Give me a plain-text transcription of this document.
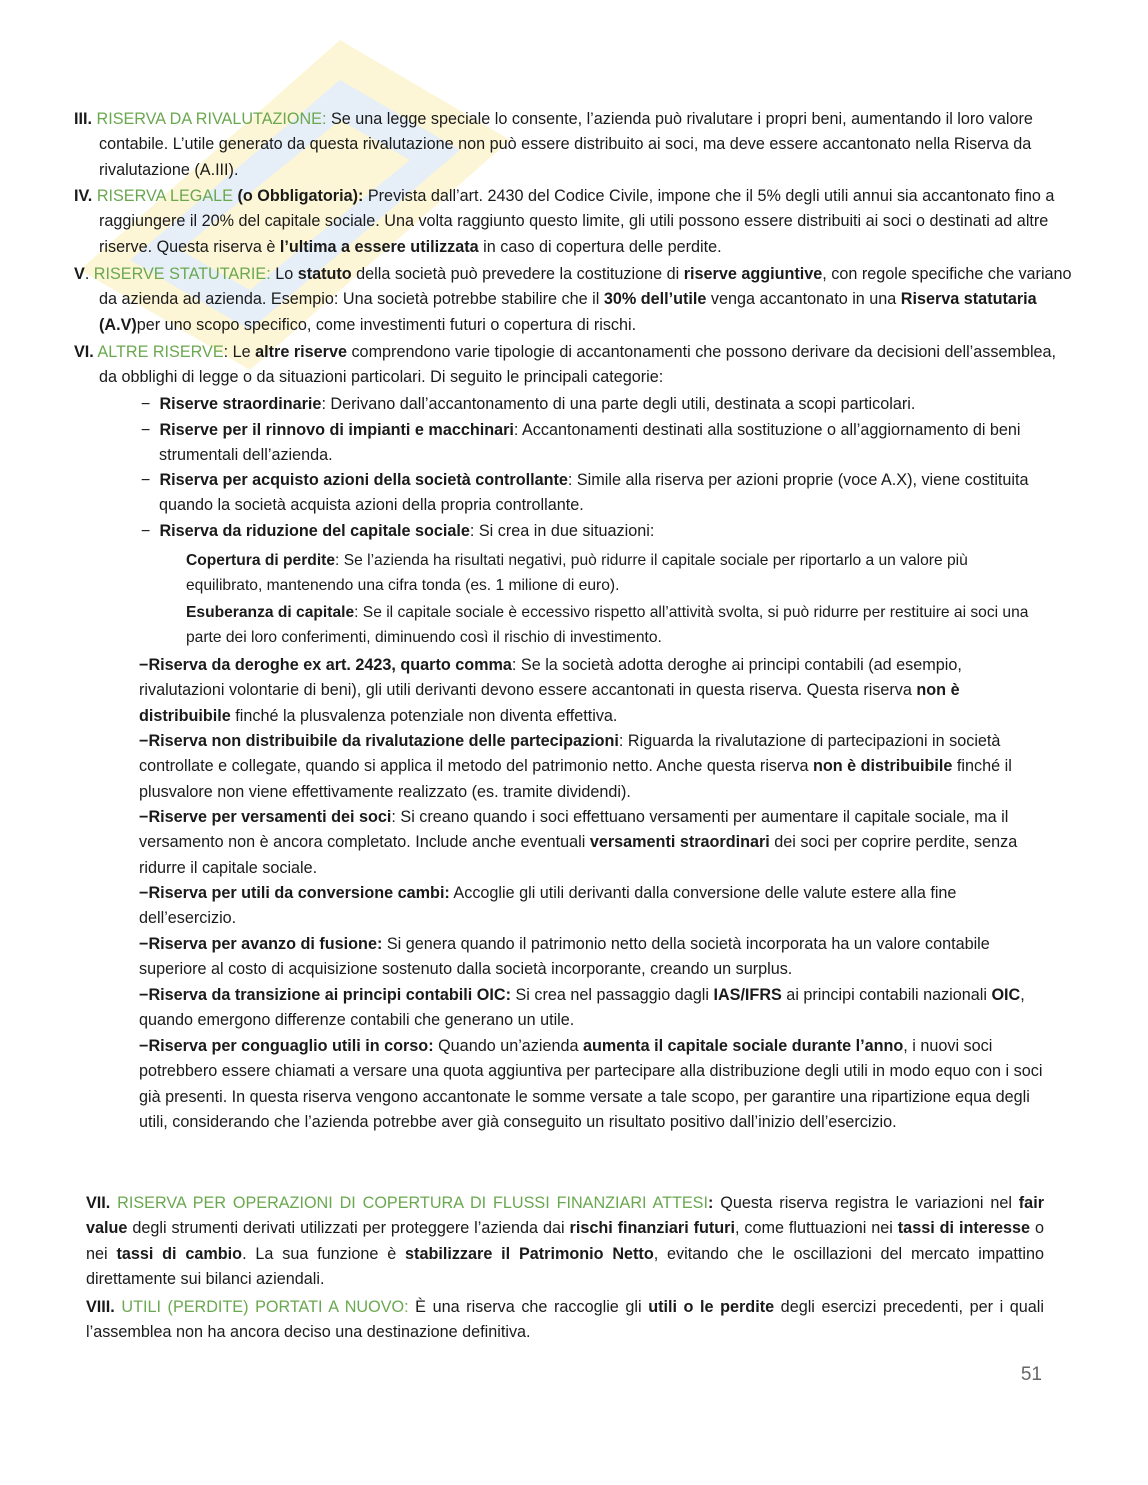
III. RISERVA DA RIVALUTAZIONE: Se una legge speciale lo consente, l’azienda può rivalutare i propri beni, aumentando il loro valore contabile. L’utile generato da questa rivalutazione non può essere distribuito ai soci, ma deve essere accantonato nella Riserva da rivalutazione (A.III).

IV. RISERVA LEGALE (o Obbligatoria): Prevista dall’art. 2430 del Codice Civile, impone che il 5% degli utili annui sia accantonato fino a raggiungere il 20% del capitale sociale. Una volta raggiunto questo limite, gli utili possono essere distribuiti ai soci o destinati ad altre riserve. Questa riserva è l’ultima a essere utilizzata in caso di copertura delle perdite.

V. RISERVE STATUTARIE: Lo statuto della società può prevedere la costituzione di riserve aggiuntive, con regole specifiche che variano da azienda ad azienda. Esempio: Una società potrebbe stabilire che il 30% dell’utile venga accantonato in una Riserva statutaria (A.V)per uno scopo specifico, come investimenti futuri o copertura di rischi.

VI. ALTRE RISERVE: Le altre riserve comprendono varie tipologie di accantonamenti che possono derivare da decisioni dell’assemblea, da obblighi di legge o da situazioni particolari. Di seguito le principali categorie:

− Riserve straordinarie: Derivano dall’accantonamento di una parte degli utili, destinata a scopi particolari.

− Riserve per il rinnovo di impianti e macchinari: Accantonamenti destinati alla sostituzione o all’aggiornamento di beni strumentali dell’azienda.

− Riserva per acquisto azioni della società controllante: Simile alla riserva per azioni proprie (voce A.X), viene costituita quando la società acquista azioni della propria controllante.

− Riserva da riduzione del capitale sociale: Si crea in due situazioni:

Copertura di perdite: Se l’azienda ha risultati negativi, può ridurre il capitale sociale per riportarlo a un valore più equilibrato, mantenendo una cifra tonda (es. 1 milione di euro).

Esuberanza di capitale: Se il capitale sociale è eccessivo rispetto all’attività svolta, si può ridurre per restituire ai soci una parte dei loro conferimenti, diminuendo così il rischio di investimento.

−Riserva da deroghe ex art. 2423, quarto comma: Se la società adotta deroghe ai principi contabili (ad esempio, rivalutazioni volontarie di beni), gli utili derivanti devono essere accantonati in questa riserva. Questa riserva non è distribuibile finché la plusvalenza potenziale non diventa effettiva.

−Riserva non distribuibile da rivalutazione delle partecipazioni: Riguarda la rivalutazione di partecipazioni in società controllate e collegate, quando si applica il metodo del patrimonio netto. Anche questa riserva non è distribuibile finché il plusvalore non viene effettivamente realizzato (es. tramite dividendi).

−Riserve per versamenti dei soci: Si creano quando i soci effettuano versamenti per aumentare il capitale sociale, ma il versamento non è ancora completato. Include anche eventuali versamenti straordinari dei soci per coprire perdite, senza ridurre il capitale sociale.

−Riserva per utili da conversione cambi: Accoglie gli utili derivanti dalla conversione delle valute estere alla fine dell’esercizio.

−Riserva per avanzo di fusione: Si genera quando il patrimonio netto della società incorporata ha un valore contabile superiore al costo di acquisizione sostenuto dalla società incorporante, creando un surplus.

−Riserva da transizione ai principi contabili OIC: Si crea nel passaggio dagli IAS/IFRS ai principi contabili nazionali OIC, quando emergono differenze contabili che generano un utile.

−Riserva per conguaglio utili in corso: Quando un’azienda aumenta il capitale sociale durante l’anno, i nuovi soci potrebbero essere chiamati a versare una quota aggiuntiva per partecipare alla distribuzione degli utili in modo equo con i soci già presenti. In questa riserva vengono accantonate le somme versate a tale scopo, per garantire una ripartizione equa degli utili, considerando che l’azienda potrebbe aver già conseguito un risultato positivo dall’inizio dell’esercizio.

VII. RISERVA PER OPERAZIONI DI COPERTURA DI FLUSSI FINANZIARI ATTESI: Questa riserva registra le variazioni nel fair value degli strumenti derivati utilizzati per proteggere l’azienda dai rischi finanziari futuri, come fluttuazioni nei tassi di interesse o nei tassi di cambio. La sua funzione è stabilizzare il Patrimonio Netto, evitando che le oscillazioni del mercato impattino direttamente sui bilanci aziendali.

VIII. UTILI (PERDITE) PORTATI A NUOVO: È una riserva che raccoglie gli utili o le perdite degli esercizi precedenti, per i quali l’assemblea non ha ancora deciso una destinazione definitiva.

51
